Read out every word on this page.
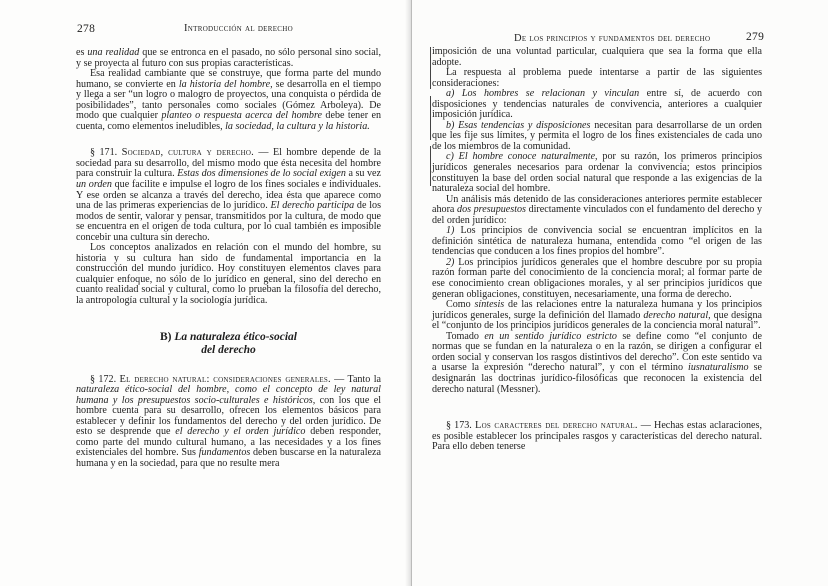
278	Introducción al derecho

es una realidad que se entronca en el pasado, no sólo personal sino social, y se proyecta al futuro con sus propias características.

Esa realidad cambiante que se construye, que forma parte del mundo humano, se convierte en la historia del hombre, se desarrolla en el tiempo y llega a ser “un logro o malogro de proyectos, una conquista o pérdida de posibilidades”, tanto personales como sociales (Gómez Arboleya). De modo que cualquier planteo o respuesta acerca del hombre debe tener en cuenta, como elementos ineludibles, la sociedad, la cultura y la historia.

§ 171. Sociedad, cultura y derecho. — El hombre depende de la sociedad para su desarrollo, del mismo modo que ésta necesita del hombre para construir la cultura. Estas dos dimensiones de lo social exigen a su vez un orden que facilite e impulse el logro de los fines sociales e individuales. Y ese orden se alcanza a través del derecho, idea ésta que aparece como una de las primeras experiencias de lo jurídico. El derecho participa de los modos de sentir, valorar y pensar, transmitidos por la cultura, de modo que se encuentra en el origen de toda cultura, por lo cual también es imposible concebir una cultura sin derecho.

Los conceptos analizados en relación con el mundo del hombre, su historia y su cultura han sido de fundamental importancia en la construcción del mundo jurídico. Hoy constituyen elementos claves para cualquier enfoque, no sólo de lo jurídico en general, sino del derecho en cuanto realidad social y cultural, como lo prueban la filosofía del derecho, la antropología cultural y la sociología jurídica.

B) La naturaleza ético-social
del derecho

§ 172. El derecho natural: consideraciones generales. — Tanto la naturaleza ético-social del hombre, como el concepto de ley natural humana y los presupuestos socio-culturales e históricos, con los que el hombre cuenta para su desarrollo, ofrecen los elementos básicos para establecer y definir los fundamentos del derecho y del orden jurídico. De esto se desprende que el derecho y el orden jurídico deben responder, como parte del mundo cultural humano, a las necesidades y a los fines existenciales del hombre. Sus fundamentos deben buscarse en la naturaleza humana y en la sociedad, para que no resulte mera

De los principios y fundamentos del derecho	279

imposición de una voluntad particular, cualquiera que sea la forma que ella adopte.

La respuesta al problema puede intentarse a partir de las siguientes consideraciones:

a) Los hombres se relacionan y vinculan entre sí, de acuerdo con disposiciones y tendencias naturales de convivencia, anteriores a cualquier imposición jurídica.

b) Esas tendencias y disposiciones necesitan para desarrollarse de un orden que les fije sus límites, y permita el logro de los fines existenciales de cada uno de los miembros de la comunidad.

c) El hombre conoce naturalmente, por su razón, los primeros principios jurídicos generales necesarios para ordenar la convivencia; estos principios constituyen la base del orden social natural que responde a las exigencias de la naturaleza social del hombre.

Un análisis más detenido de las consideraciones anteriores permite establecer ahora dos presupuestos directamente vinculados con el fundamento del derecho y del orden jurídico:

1) Los principios de convivencia social se encuentran implícitos en la definición sintética de naturaleza humana, entendida como “el origen de las tendencias que conducen a los fines propios del hombre”.

2) Los principios jurídicos generales que el hombre descubre por su propia razón forman parte del conocimiento de la conciencia moral; al formar parte de ese conocimiento crean obligaciones morales, y al ser principios jurídicos que generan obligaciones, constituyen, necesariamente, una forma de derecho.

Como síntesis de las relaciones entre la naturaleza humana y los principios jurídicos generales, surge la definición del llamado derecho natural, que designa el “conjunto de los principios jurídicos generales de la conciencia moral natural”.

Tomado en un sentido jurídico estricto se define como “el conjunto de normas que se fundan en la naturaleza o en la razón, se dirigen a configurar el orden social y conservan los rasgos distintivos del derecho”. Con este sentido va a usarse la expresión “derecho natural”, y con el término iusnaturalismo se designarán las doctrinas jurídico-filosóficas que reconocen la existencia del derecho natural (Messner).

§ 173. Los caracteres del derecho natural. — Hechas estas aclaraciones, es posible establecer los principales rasgos y características del derecho natural. Para ello deben tenerse
